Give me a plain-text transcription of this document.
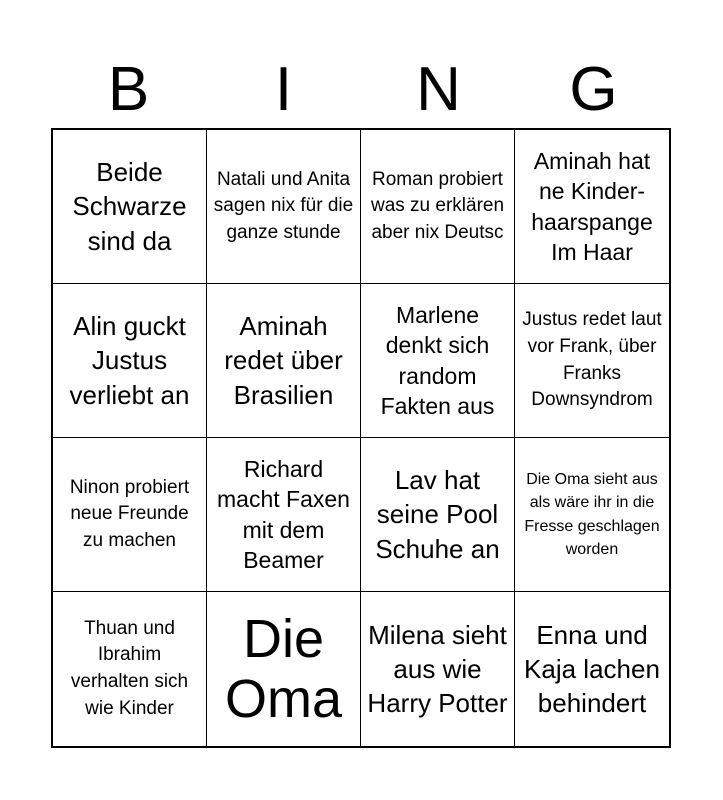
B	I	N	G
Beide Schwarze sind da
Natali und Anita sagen nix für die ganze stunde
Roman probiert was zu erklären aber nix Deutsc
Aminah hat ne Kinder-haarspange Im Haar
Alin guckt Justus verliebt an
Aminah redet über Brasilien
Marlene denkt sich random Fakten aus
Justus redet laut vor Frank, über Franks Downsyndrom
Ninon probiert neue Freunde zu machen
Richard macht Faxen mit dem Beamer
Lav hat seine Pool Schuhe an
Die Oma sieht aus als wäre ihr in die Fresse geschlagen worden
Thuan und Ibrahim verhalten sich wie Kinder
Die Oma
Milena sieht aus wie Harry Potter
Enna und Kaja lachen behindert
